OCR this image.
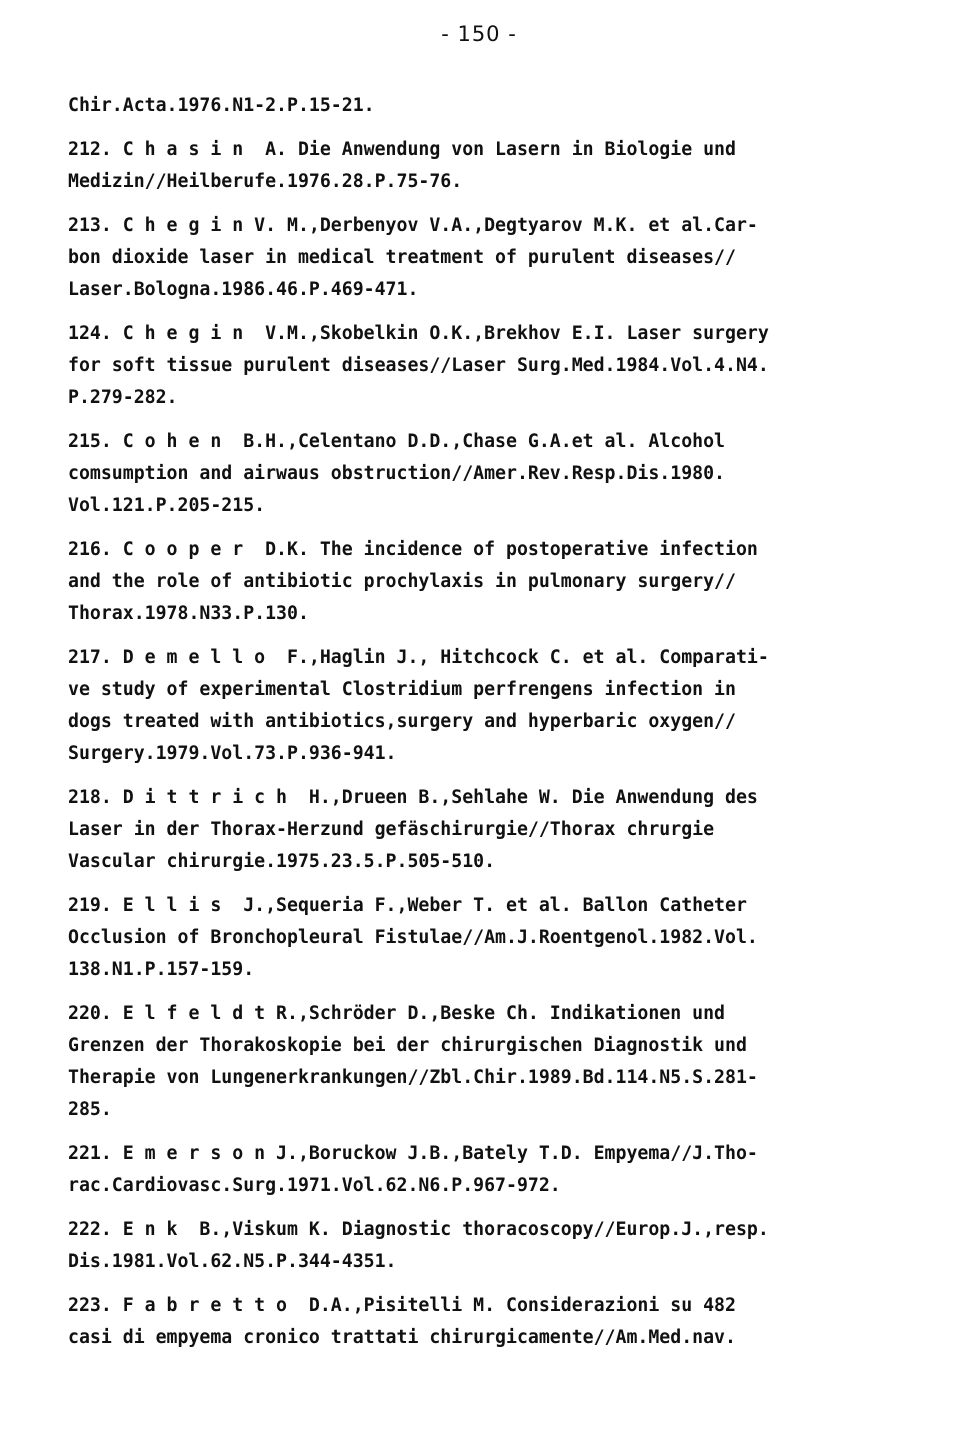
- 150 -
Chir.Acta.1976.N1-2.P.15-21.
212. C h a s i n  A. Die Anwendung von Lasern in Biologie und
Medizin//Heilberufe.1976.28.P.75-76.
213. C h e g i n V. M.,Derbenyov V.A.,Degtyarov M.K. et al.Car-
bon dioxide laser in medical treatment of purulent diseases//
Laser.Bologna.1986.46.P.469-471.
124. C h e g i n  V.M.,Skobelkin O.K.,Brekhov E.I. Laser surgery
for soft tissue purulent diseases//Laser Surg.Med.1984.Vol.4.N4.
P.279-282.
215. C o h e n  B.H.,Celentano D.D.,Chase G.A.et al. Alcohol
comsumption and airwaus obstruction//Amer.Rev.Resp.Dis.1980.
Vol.121.P.205-215.
216. C o o p e r  D.K. The incidence of postoperative infection
and the role of antibiotic prochylaxis in pulmonary surgery//
Thorax.1978.N33.P.130.
217. D e m e l l o  F.,Haglin J., Hitchcock C. et al. Comparati-
ve study of experimental Clostridium perfrengens infection in
dogs treated with antibiotics,surgery and hyperbaric oxygen//
Surgery.1979.Vol.73.P.936-941.
218. D i t t r i c h  H.,Drueen B.,Sehlahe W. Die Anwendung des
Laser in der Thorax-Herzund gefäschirurgie//Thorax chrurgie
Vascular chirurgie.1975.23.5.P.505-510.
219. E l l i s  J.,Sequeria F.,Weber T. et al. Ballon Catheter
Occlusion of Bronchopleural Fistulae//Am.J.Roentgenol.1982.Vol.
138.N1.P.157-159.
220. E l f e l d t R.,Schröder D.,Beske Ch. Indikationen und
Grenzen der Thorakoskopie bei der chirurgischen Diagnostik und
Therapie von Lungenerkrankungen//Zbl.Chir.1989.Bd.114.N5.S.281-
285.
221. E m e r s o n J.,Boruckow J.B.,Bately T.D. Empyema//J.Tho-
rac.Cardiovasc.Surg.1971.Vol.62.N6.P.967-972.
222. E n k  B.,Viskum K. Diagnostic thoracoscopy//Europ.J.,resp.
Dis.1981.Vol.62.N5.P.344-4351.
223. F a b r e t t o  D.A.,Pisitelli M. Considerazioni su 482
casi di empyema cronico trattati chirurgicamente//Am.Med.nav.
